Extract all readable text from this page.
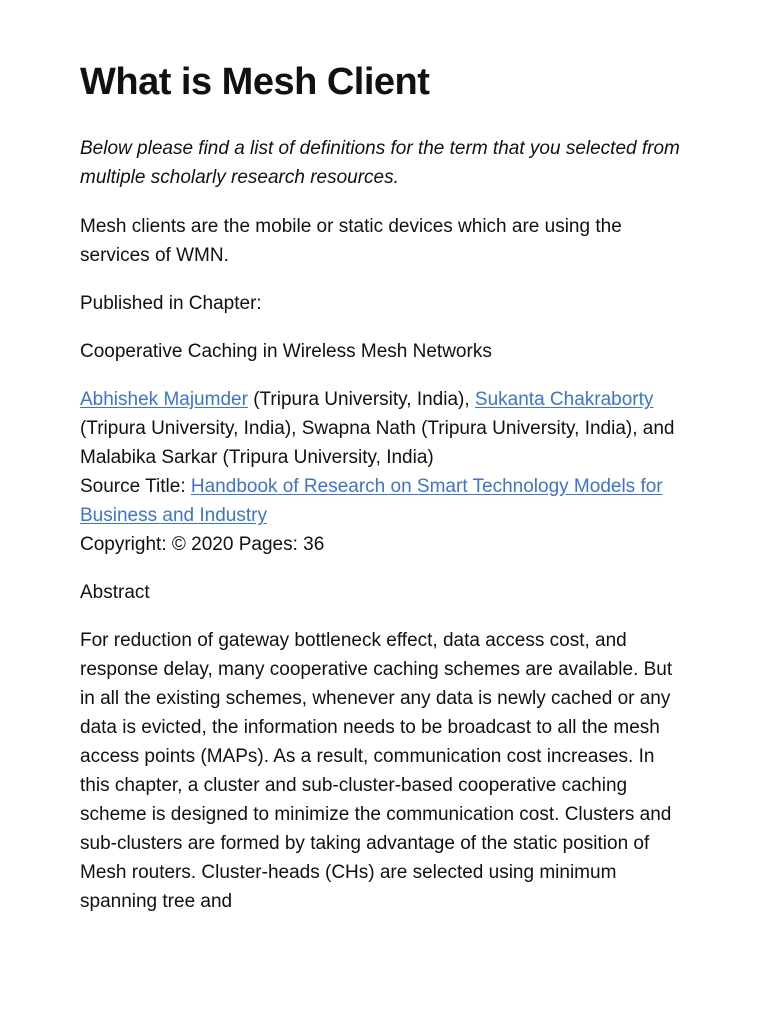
What is Mesh Client

Below please find a list of definitions for the term that you selected from multiple scholarly research resources.

Mesh clients are the mobile or static devices which are using the services of WMN.

Published in Chapter:

Cooperative Caching in Wireless Mesh Networks

Abhishek Majumder (Tripura University, India), Sukanta Chakraborty (Tripura University, India), Swapna Nath (Tripura University, India), and Malabika Sarkar (Tripura University, India)
Source Title: Handbook of Research on Smart Technology Models for Business and Industry
Copyright: © 2020 Pages: 36

Abstract

For reduction of gateway bottleneck effect, data access cost, and response delay, many cooperative caching schemes are available. But in all the existing schemes, whenever any data is newly cached or any data is evicted, the information needs to be broadcast to all the mesh access points (MAPs). As a result, communication cost increases. In this chapter, a cluster and sub-cluster-based cooperative caching scheme is designed to minimize the communication cost. Clusters and sub-clusters are formed by taking advantage of the static position of Mesh routers. Cluster-heads (CHs) are selected using minimum spanning tree and
